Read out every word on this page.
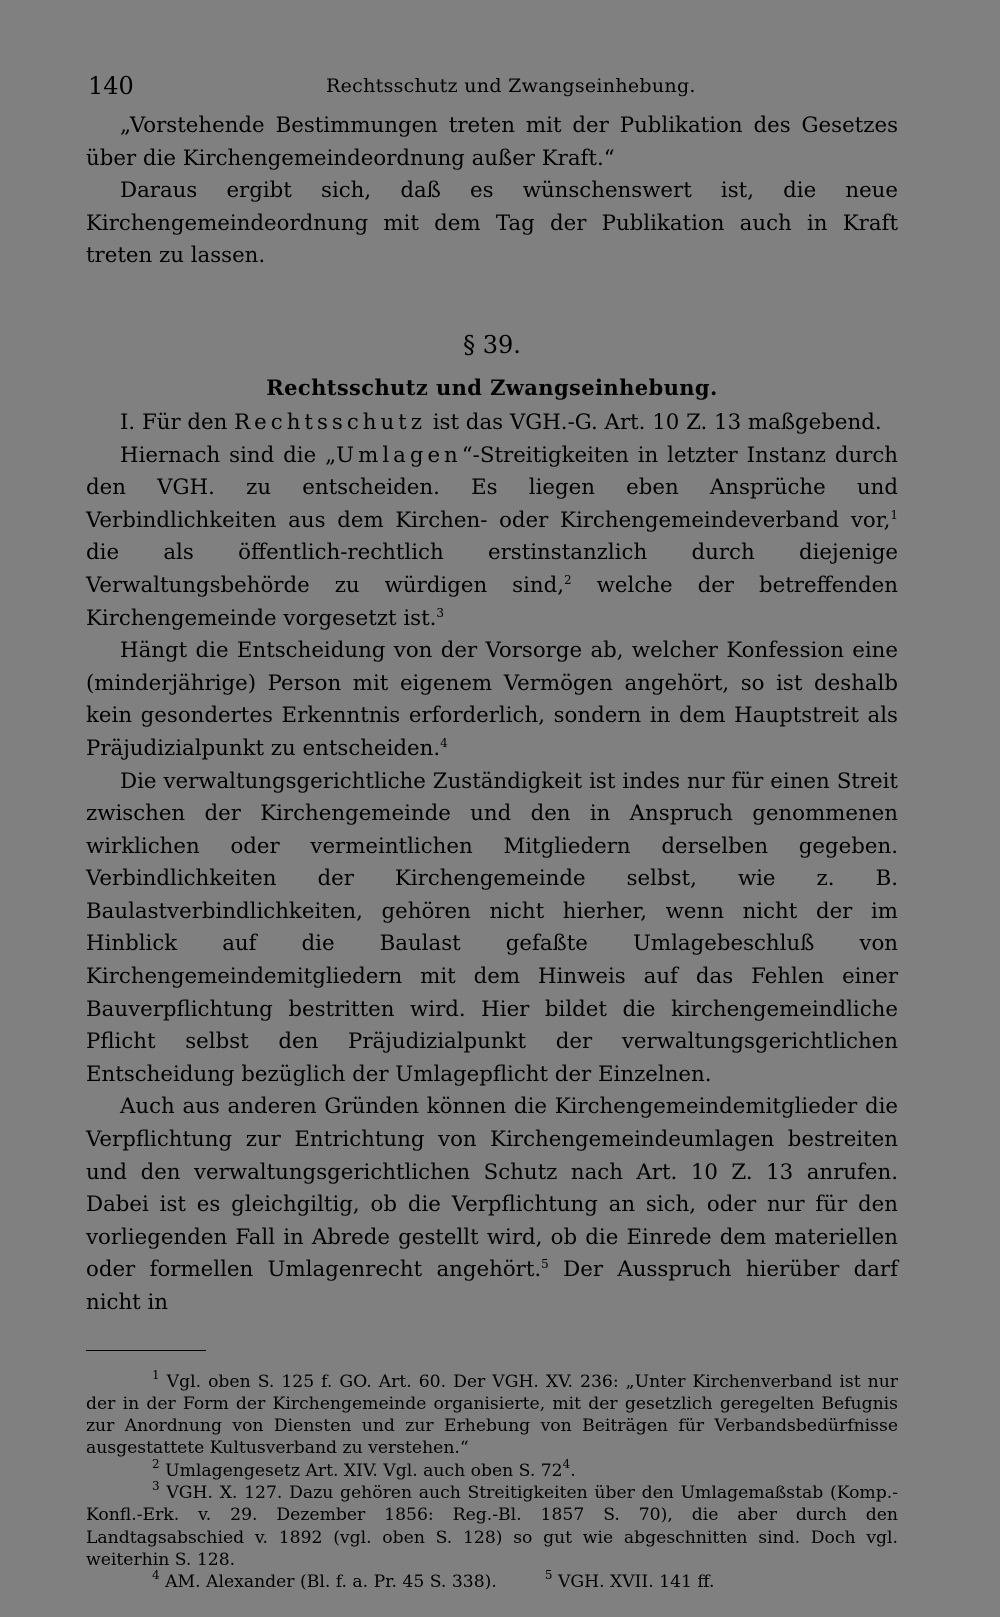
140	Rechtsschutz und Zwangseinhebung.

„Vorstehende Bestimmungen treten mit der Publikation des Gesetzes über die Kirchengemeindeordnung außer Kraft.“

Daraus ergibt sich, daß es wünschenswert ist, die neue Kirchengemeindeordnung mit dem Tag der Publikation auch in Kraft treten zu lassen.

§ 39.
Rechtsschutz und Zwangseinhebung.

I. Für den Rechtsschutz ist das VGH.-G. Art. 10 Z. 13 maßgebend.

Hiernach sind die „Umlagen“-Streitigkeiten in letzter Instanz durch den VGH. zu entscheiden. Es liegen eben Ansprüche und Verbindlichkeiten aus dem Kirchen- oder Kirchengemeindeverband vor,$^1$ die als öffentlich-rechtlich erstinstanzlich durch diejenige Verwaltungsbehörde zu würdigen sind,$^2$ welche der betreffenden Kirchengemeinde vorgesetzt ist.$^3$

Hängt die Entscheidung von der Vorsorge ab, welcher Konfession eine (minderjährige) Person mit eigenem Vermögen angehört, so ist deshalb kein gesondertes Erkenntnis erforderlich, sondern in dem Hauptstreit als Präjudizialpunkt zu entscheiden.$^4$

Die verwaltungsgerichtliche Zuständigkeit ist indes nur für einen Streit zwischen der Kirchengemeinde und den in Anspruch genommenen wirklichen oder vermeintlichen Mitgliedern derselben gegeben. Verbindlichkeiten der Kirchengemeinde selbst, wie z. B. Baulastverbindlichkeiten, gehören nicht hierher, wenn nicht der im Hinblick auf die Baulast gefaßte Umlagebeschluß von Kirchengemeindemitgliedern mit dem Hinweis auf das Fehlen einer Bauverpflichtung bestritten wird. Hier bildet die kirchengemeindliche Pflicht selbst den Präjudizialpunkt der verwaltungsgerichtlichen Entscheidung bezüglich der Umlagepflicht der Einzelnen.

Auch aus anderen Gründen können die Kirchengemeindemitglieder die Verpflichtung zur Entrichtung von Kirchengemeindeumlagen bestreiten und den verwaltungsgerichtlichen Schutz nach Art. 10 Z. 13 anrufen. Dabei ist es gleichgiltig, ob die Verpflichtung an sich, oder nur für den vorliegenden Fall in Abrede gestellt wird, ob die Einrede dem materiellen oder formellen Umlagenrecht angehört.$^5$ Der Ausspruch hierüber darf nicht in

$^1$ Vgl. oben S. 125 f. GO. Art. 60. Der VGH. XV. 236: „Unter Kirchenverband ist nur der in der Form der Kirchengemeinde organisierte, mit der gesetzlich geregelten Befugnis zur Anordnung von Diensten und zur Erhebung von Beiträgen für Verbandsbedürfnisse ausgestattete Kultusverband zu verstehen.“

$^2$ Umlagengesetz Art. XIV. Vgl. auch oben S. $72^4$.

$^3$ VGH. X. 127. Dazu gehören auch Streitigkeiten über den Umlagemaßstab (Komp.-Konfl.-Erk. v. 29. Dezember 1856: Reg.-Bl. 1857 S. 70), die aber durch den Landtagsabschied v. 1892 (vgl. oben S. 128) so gut wie abgeschnitten sind. Doch vgl. weiterhin S. 128.

$^4$ AM. Alexander (Bl. f. a. Pr. 45 S. 338).	$^5$ VGH. XVII. 141 ff.
